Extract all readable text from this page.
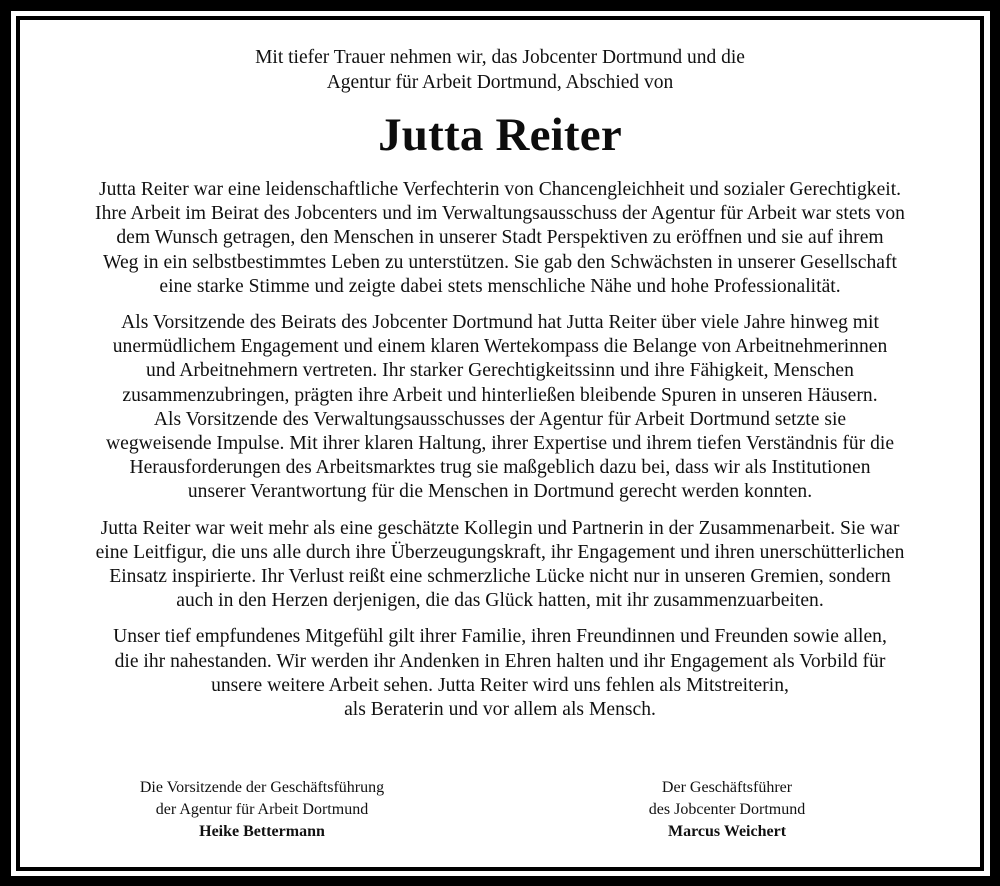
Mit tiefer Trauer nehmen wir, das Jobcenter Dortmund und die
Agentur für Arbeit Dortmund, Abschied von
Jutta Reiter
Jutta Reiter war eine leidenschaftliche Verfechterin von Chancengleichheit und sozialer Gerechtigkeit.
Ihre Arbeit im Beirat des Jobcenters und im Verwaltungsausschuss der Agentur für Arbeit war stets von
dem Wunsch getragen, den Menschen in unserer Stadt Perspektiven zu eröffnen und sie auf ihrem
Weg in ein selbstbestimmtes Leben zu unterstützen. Sie gab den Schwächsten in unserer Gesellschaft
eine starke Stimme und zeigte dabei stets menschliche Nähe und hohe Professionalität.
Als Vorsitzende des Beirats des Jobcenter Dortmund hat Jutta Reiter über viele Jahre hinweg mit
unermüdlichem Engagement und einem klaren Wertekompass die Belange von Arbeitnehmerinnen
und Arbeitnehmern vertreten. Ihr starker Gerechtigkeitssinn und ihre Fähigkeit, Menschen
zusammenzubringen, prägten ihre Arbeit und hinterließen bleibende Spuren in unseren Häusern.
Als Vorsitzende des Verwaltungsausschusses der Agentur für Arbeit Dortmund setzte sie
wegweisende Impulse. Mit ihrer klaren Haltung, ihrer Expertise und ihrem tiefen Verständnis für die
Herausforderungen des Arbeitsmarktes trug sie maßgeblich dazu bei, dass wir als Institutionen
unserer Verantwortung für die Menschen in Dortmund gerecht werden konnten.
Jutta Reiter war weit mehr als eine geschätzte Kollegin und Partnerin in der Zusammenarbeit. Sie war
eine Leitfigur, die uns alle durch ihre Überzeugungskraft, ihr Engagement und ihren unerschütterlichen
Einsatz inspirierte. Ihr Verlust reißt eine schmerzliche Lücke nicht nur in unseren Gremien, sondern
auch in den Herzen derjenigen, die das Glück hatten, mit ihr zusammenzuarbeiten.
Unser tief empfundenes Mitgefühl gilt ihrer Familie, ihren Freundinnen und Freunden sowie allen,
die ihr nahestanden. Wir werden ihr Andenken in Ehren halten und ihr Engagement als Vorbild für
unsere weitere Arbeit sehen. Jutta Reiter wird uns fehlen als Mitstreiterin,
als Beraterin und vor allem als Mensch.
Die Vorsitzende der Geschäftsführung
der Agentur für Arbeit Dortmund
Heike Bettermann
Der Geschäftsführer
des Jobcenter Dortmund
Marcus Weichert
